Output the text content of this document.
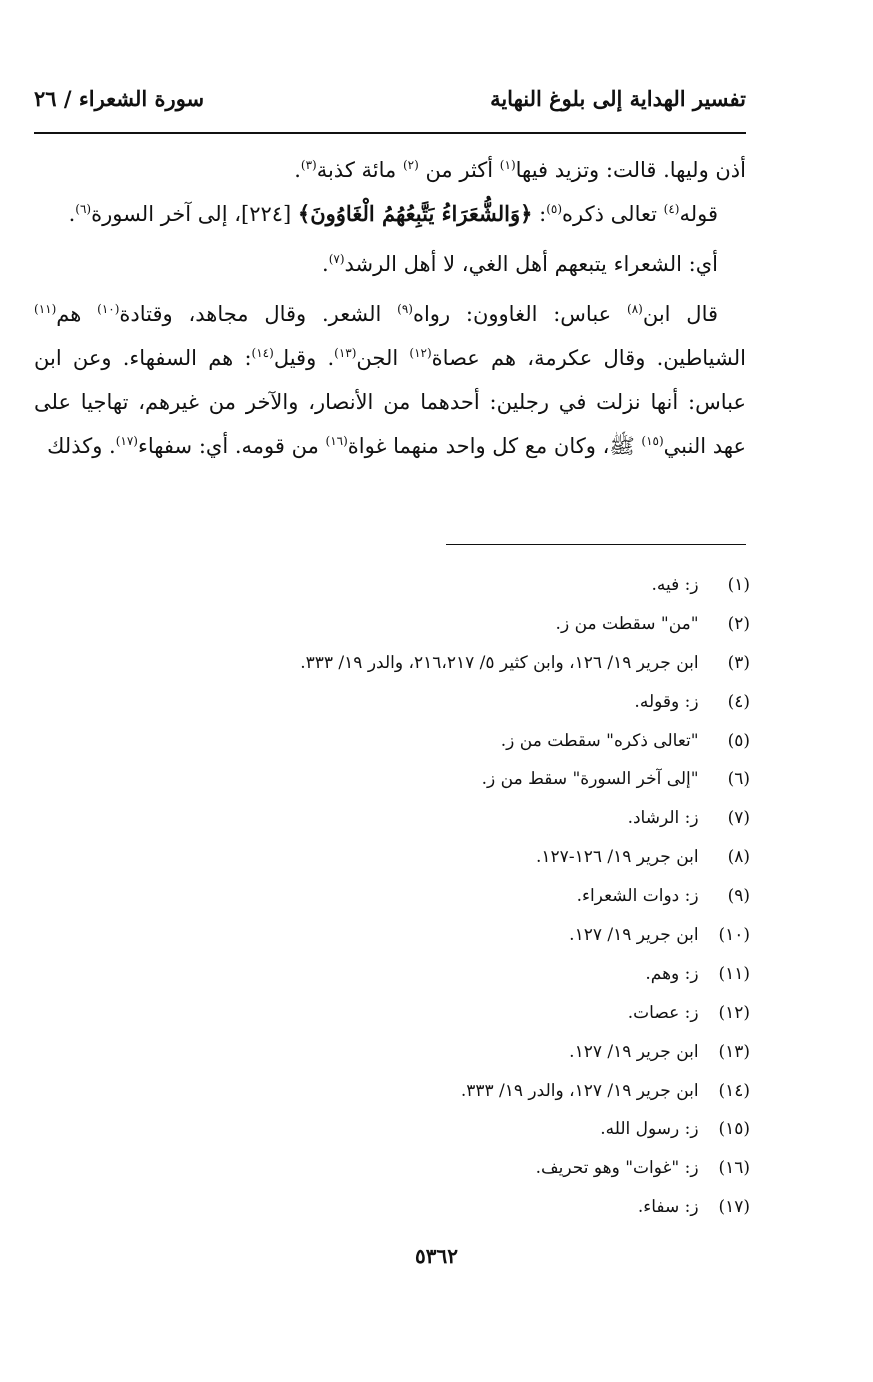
تفسير الهداية إلى بلوغ النهاية
سورة الشعراء / ٢٦

أذن وليها. قالت: وتزيد فيها$^{(١)}$ أكثر من $^{(٢)}$ مائة كذبة$^{(٣)}$.

قوله$^{(٤)}$ تعالى ذكره$^{(٥)}$: ﴿وَالشُّعَرَاءُ يَتَّبِعُهُمُ الْغَاوُونَ﴾ [٢٢٤]، إلى آخر السورة$^{(٦)}$.

أي: الشعراء يتبعهم أهل الغي، لا أهل الرشد$^{(٧)}$.

قال ابن$^{(٨)}$ عباس: الغاوون: رواه$^{(٩)}$ الشعر. وقال مجاهد، وقتادة$^{(١٠)}$ هم$^{(١١)}$ الشياطين. وقال عكرمة، هم عصاة$^{(١٢)}$ الجن$^{(١٣)}$. وقيل$^{(١٤)}$: هم السفهاء. وعن ابن عباس: أنها نزلت في رجلين: أحدهما من الأنصار، والآخر من غيرهم، تهاجيا على عهد النبي$^{(١٥)}$ ﷺ، وكان مع كل واحد منهما غواة$^{(١٦)}$ من قومه. أي: سفهاء$^{(١٧)}$. وكذلك

(١) ز: فيه.
(٢) "من" سقطت من ز.
(٣) ابن جرير ١٩/ ١٢٦، وابن كثير ٥/ ٢١٦،٢١٧، والدر ١٩/ ٣٣٣.
(٤) ز: وقوله.
(٥) "تعالى ذكره" سقطت من ز.
(٦) "إلى آخر السورة" سقط من ز.
(٧) ز: الرشاد.
(٨) ابن جرير ١٩/ ١٢٦-١٢٧.
(٩) ز: دوات الشعراء.
(١٠) ابن جرير ١٩/ ١٢٧.
(١١) ز: وهم.
(١٢) ز: عصات.
(١٣) ابن جرير ١٩/ ١٢٧.
(١٤) ابن جرير ١٩/ ١٢٧، والدر ١٩/ ٣٣٣.
(١٥) ز: رسول الله.
(١٦) ز: "غوات" وهو تحريف.
(١٧) ز: سفاء.
٥٣٦٢
